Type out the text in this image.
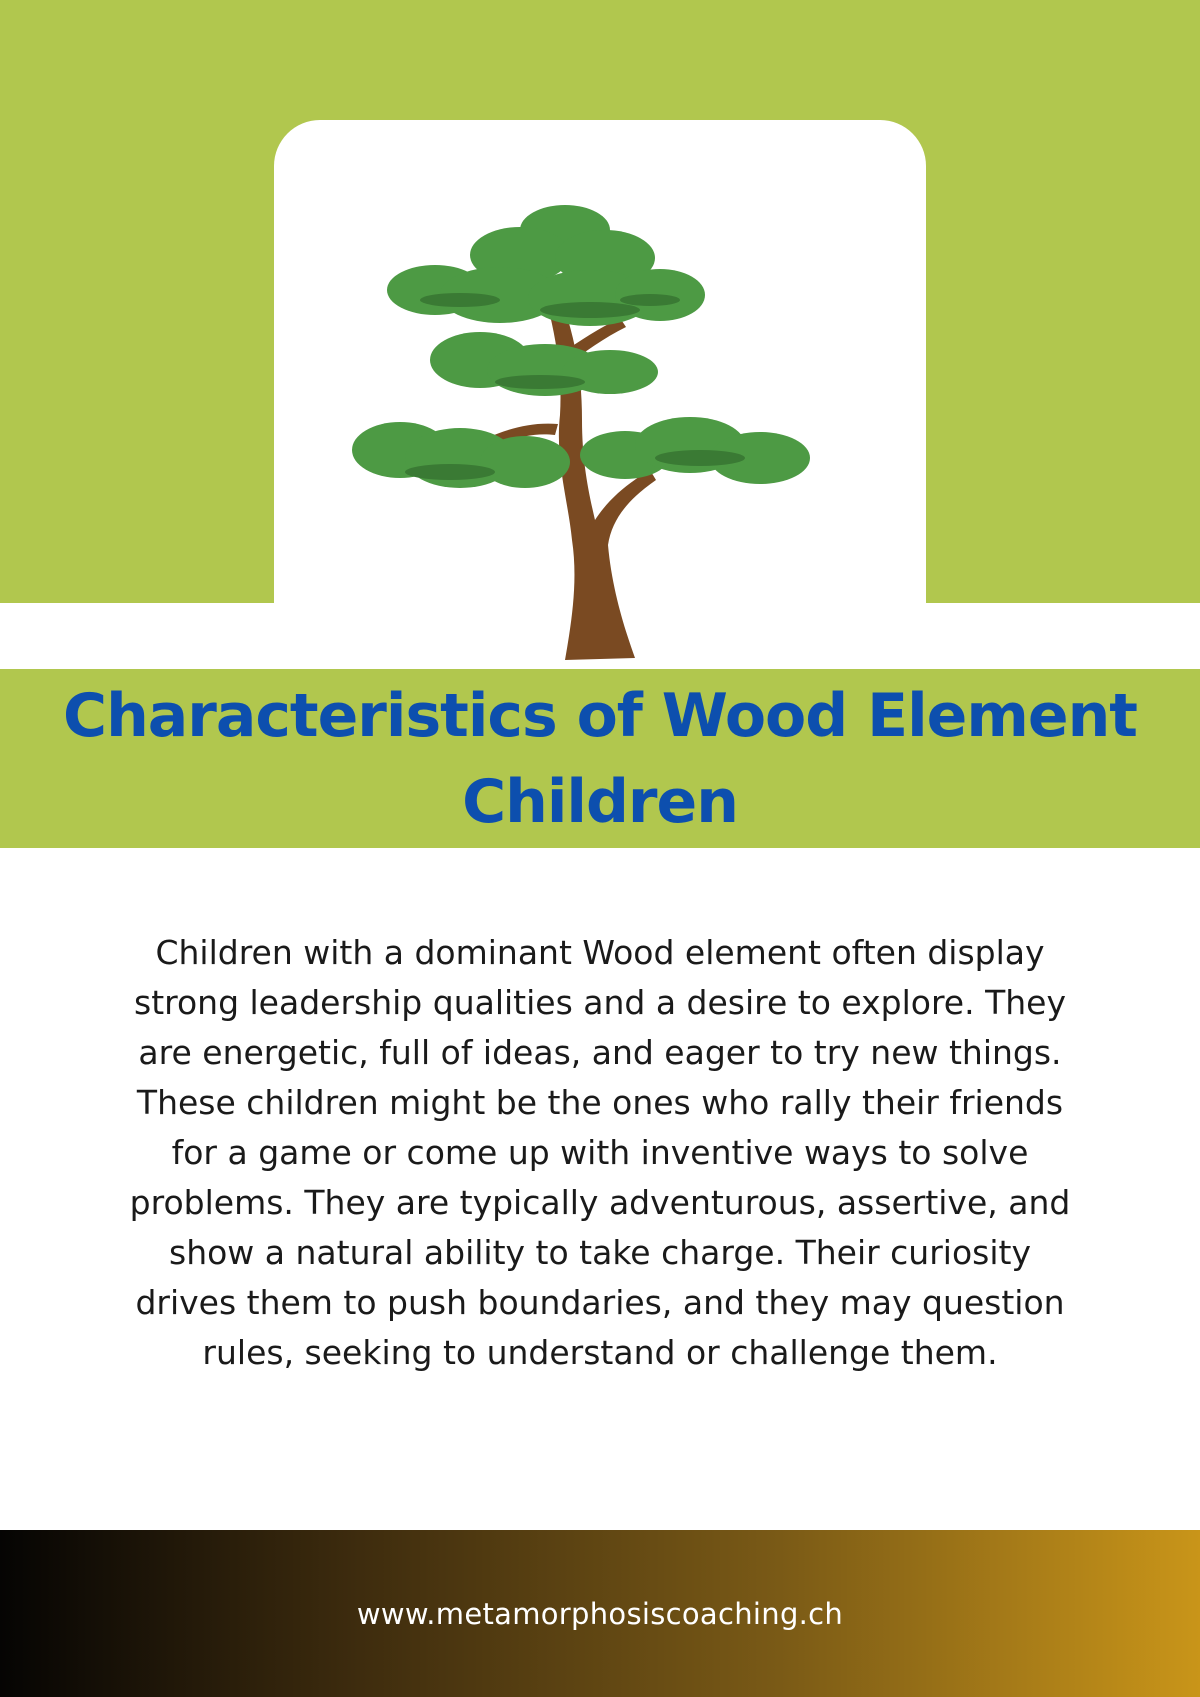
Characteristics of Wood Element
Children

Children with a dominant Wood element often display strong leadership qualities and a desire to explore. They are energetic, full of ideas, and eager to try new things. These children might be the ones who rally their friends for a game or come up with inventive ways to solve problems. They are typically adventurous, assertive, and show a natural ability to take charge. Their curiosity drives them to push boundaries, and they may question rules, seeking to understand or challenge them.

www.metamorphosiscoaching.ch
